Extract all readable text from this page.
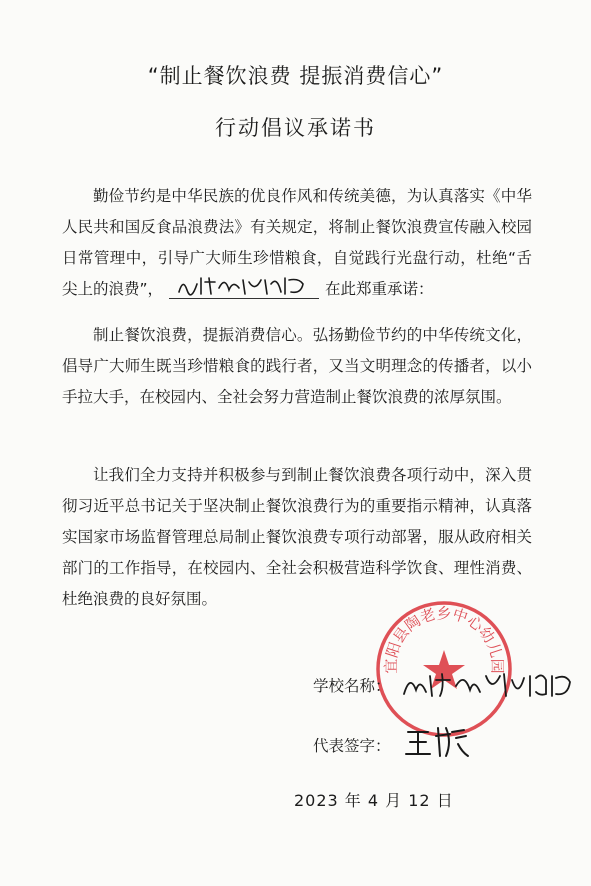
“制止餐饮浪费 提振消费信心”
行动倡议承诺书

勤俭节约是中华民族的优良作风和传统美德，为认真落实《中华人民共和国反食品浪费法》有关规定，将制止餐饮浪费宣传融入校园日常管理中，引导广大师生珍惜粮食，自觉践行光盘行动，杜绝“舌尖上的浪费”，	在此郑重承诺：

制止餐饮浪费，提振消费信心。弘扬勤俭节约的中华传统文化，倡导广大师生既当珍惜粮食的践行者，又当文明理念的传播者，以小手拉大手，在校园内、全社会努力营造制止餐饮浪费的浓厚氛围。

让我们全力支持并积极参与到制止餐饮浪费各项行动中，深入贯彻习近平总书记关于坚决制止餐饮浪费行为的重要指示精神，认真落实国家市场监督管理总局制止餐饮浪费专项行动部署，服从政府相关部门的工作指导，在校园内、全社会积极营造科学饮食、理性消费、杜绝浪费的良好氛围。

宜阳县陶老乡中心幼儿园
学校名称：
代表签字：
2023 年 4 月 12 日
